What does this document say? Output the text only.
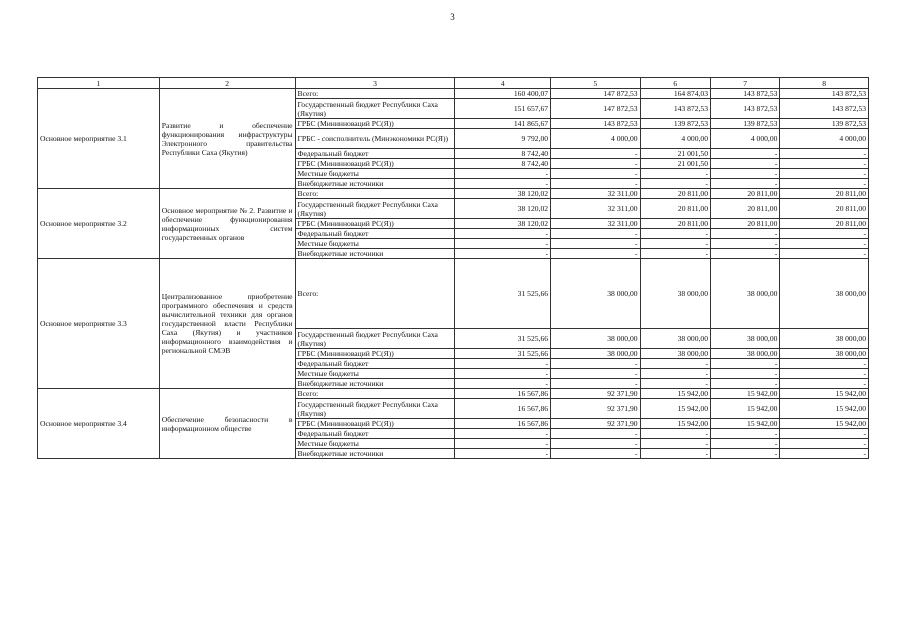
3
1	2	3	4	5	6	7	8
Основное мероприятие 3.1	Развитие и обеспечение функционирования инфраструктуры Электронного правительства Республики Саха (Якутия)	Всего:	160 400,07	147 872,53	164 874,03	143 872,53	143 872,53
		Государственный бюджет Республики Саха (Якутия)	151 657,67	147 872,53	143 872,53	143 872,53	143 872,53
		ГРБС (Мининноваций РС(Я))	141 865,67	143 872,53	139 872,53	139 872,53	139 872,53
		ГРБС - соисполнитель (Минэкономики РС(Я))	9 792,00	4 000,00	4 000,00	4 000,00	4 000,00
		Федеральный бюджет	8 742,40	-	21 001,50	-	-
		ГРБС (Мининноваций РС(Я))	8 742,40	-	21 001,50	-	-
		Местные бюджеты	-	-	-	-	-
		Внебюджетные источники	-	-	-	-	-
Основное мероприятие 3.2	Основное мероприятие № 2. Развитие и обеспечение функционирования информационных систем государственных органов	Всего:	38 120,02	32 311,00	20 811,00	20 811,00	20 811,00
		Государственный бюджет Республики Саха (Якутия)	38 120,02	32 311,00	20 811,00	20 811,00	20 811,00
		ГРБС (Мининноваций РС(Я))	38 120,02	32 311,00	20 811,00	20 811,00	20 811,00
		Федеральный бюджет	-	-	-	-	-
		Местные бюджеты	-	-	-	-	-
		Внебюджетные источники	-	-	-	-	-
Основное мероприятие 3.3	Централизованное приобретение программного обеспечения и средств вычислительной техники для органов государственной власти Республики Саха (Якутия) и участников информационного взаимодействия и региональной СМЭВ	Всего:	31 525,66	38 000,00	38 000,00	38 000,00	38 000,00
		Государственный бюджет Республики Саха (Якутия)	31 525,66	38 000,00	38 000,00	38 000,00	38 000,00
		ГРБС (Мининноваций РС(Я))	31 525,66	38 000,00	38 000,00	38 000,00	38 000,00
		Федеральный бюджет	-	-	-	-	-
		Местные бюджеты	-	-	-	-	-
		Внебюджетные источники	-	-	-	-	-
Основное мероприятие 3.4	Обеспечение безопасности в информационном обществе	Всего:	16 567,86	92 371,90	15 942,00	15 942,00	15 942,00
		Государственный бюджет Республики Саха (Якутия)	16 567,86	92 371,90	15 942,00	15 942,00	15 942,00
		ГРБС (Мининноваций РС(Я))	16 567,86	92 371,90	15 942,00	15 942,00	15 942,00
		Федеральный бюджет	-	-	-	-	-
		Местные бюджеты	-	-	-	-	-
		Внебюджетные источники	-	-	-	-	-
